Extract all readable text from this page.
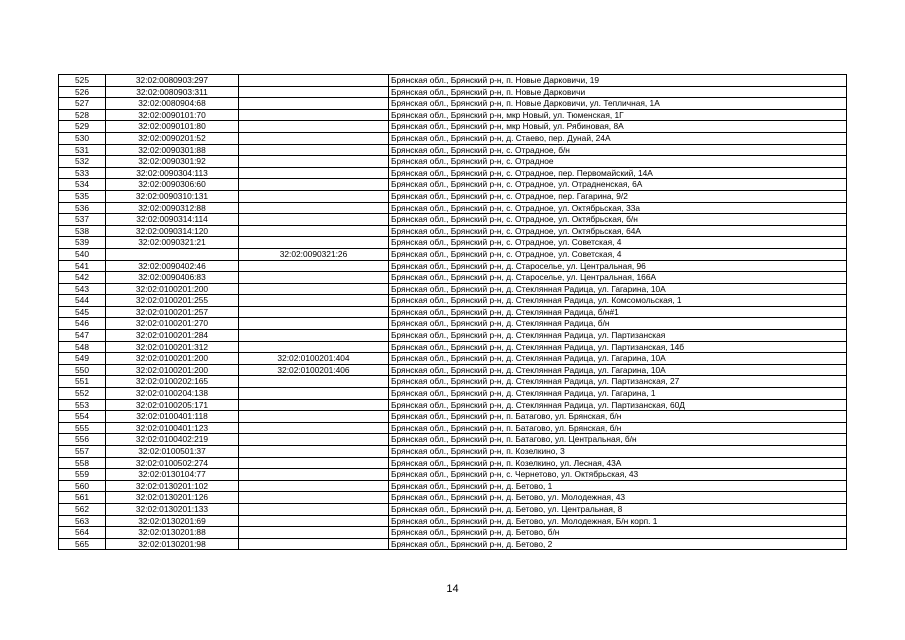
525	32:02:0080903:297		Брянская обл., Брянский р-н, п. Новые Дарковичи, 19
526	32:02:0080903:311		Брянская обл., Брянский р-н, п. Новые Дарковичи
527	32:02:0080904:68		Брянская обл., Брянский р-н, п. Новые Дарковичи, ул. Тепличная, 1А
528	32:02:0090101:70		Брянская обл., Брянский р-н, мкр Новый, ул. Тюменская, 1Г
529	32:02:0090101:80		Брянская обл., Брянский р-н, мкр Новый, ул. Рябиновая, 8А
530	32:02:0090201:52		Брянская обл., Брянский р-н, д. Стаево, пер. Дунай, 24А
531	32:02:0090301:88		Брянская обл., Брянский р-н, с. Отрадное, б/н
532	32:02:0090301:92		Брянская обл., Брянский р-н, с. Отрадное
533	32:02:0090304:113		Брянская обл., Брянский р-н, с. Отрадное, пер. Первомайский, 14А
534	32:02:0090306:60		Брянская обл., Брянский р-н, с. Отрадное, ул. Отрадненская, 6А
535	32:02:0090310:131		Брянская обл., Брянский р-н, с. Отрадное, пер. Гагарина, 9/2
536	32:02:0090312:88		Брянская обл., Брянский р-н, с. Отрадное, ул. Октябрьская, 33а
537	32:02:0090314:114		Брянская обл., Брянский р-н, с. Отрадное, ул. Октябрьская, б/н
538	32:02:0090314:120		Брянская обл., Брянский р-н, с. Отрадное, ул. Октябрьская, 64А
539	32:02:0090321:21		Брянская обл., Брянский р-н, с. Отрадное, ул. Советская, 4
540		32:02:0090321:26	Брянская обл., Брянский р-н, с. Отрадное, ул. Советская, 4
541	32:02:0090402:46		Брянская обл., Брянский р-н, д. Староселье, ул. Центральная, 96
542	32:02:0090406:83		Брянская обл., Брянский р-н, д. Староселье, ул. Центральная, 166А
543	32:02:0100201:200		Брянская обл., Брянский р-н, д. Стеклянная Радица, ул. Гагарина, 10А
544	32:02:0100201:255		Брянская обл., Брянский р-н, д. Стеклянная Радица, ул. Комсомольская, 1
545	32:02:0100201:257		Брянская обл., Брянский р-н, д. Стеклянная Радица, б/н#1
546	32:02:0100201:270		Брянская обл., Брянский р-н, д. Стеклянная Радица, б/н
547	32:02:0100201:284		Брянская обл., Брянский р-н, д. Стеклянная Радица, ул. Партизанская
548	32:02:0100201:312		Брянская обл., Брянский р-н, д. Стеклянная Радица, ул. Партизанская, 14б
549	32:02:0100201:200	32:02:0100201:404	Брянская обл., Брянский р-н, д. Стеклянная Радица, ул. Гагарина, 10А
550	32:02:0100201:200	32:02:0100201:406	Брянская обл., Брянский р-н, д. Стеклянная Радица, ул. Гагарина, 10А
551	32:02:0100202:165		Брянская обл., Брянский р-н, д. Стеклянная Радица, ул. Партизанская, 27
552	32:02:0100204:138		Брянская обл., Брянский р-н, д. Стеклянная Радица, ул. Гагарина, 1
553	32:02:0100205:171		Брянская обл., Брянский р-н, д. Стеклянная Радица, ул. Партизанская, 60Д
554	32:02:0100401:118		Брянская обл., Брянский р-н, п. Батагово, ул. Брянская, б/н
555	32:02:0100401:123		Брянская обл., Брянский р-н, п. Батагово, ул. Брянская, б/н
556	32:02:0100402:219		Брянская обл., Брянский р-н, п. Батагово, ул. Центральная, б/н
557	32:02:0100501:37		Брянская обл., Брянский р-н, п. Козелкино, 3
558	32:02:0100502:274		Брянская обл., Брянский р-н, п. Козелкино, ул. Лесная, 43А
559	32:02:0130104:77		Брянская обл., Брянский р-н, с. Чернетово, ул. Октябрьская, 43
560	32:02:0130201:102		Брянская обл., Брянский р-н, д. Бетово, 1
561	32:02:0130201:126		Брянская обл., Брянский р-н, д. Бетово, ул. Молодежная, 43
562	32:02:0130201:133		Брянская обл., Брянский р-н, д. Бетово, ул. Центральная, 8
563	32:02:0130201:69		Брянская обл., Брянский р-н, д. Бетово, ул. Молодежная, Б/н корп. 1
564	32:02:0130201:88		Брянская обл., Брянский р-н, д. Бетово, б/н
565	32:02:0130201:98		Брянская обл., Брянский р-н, д. Бетово, 2
14
